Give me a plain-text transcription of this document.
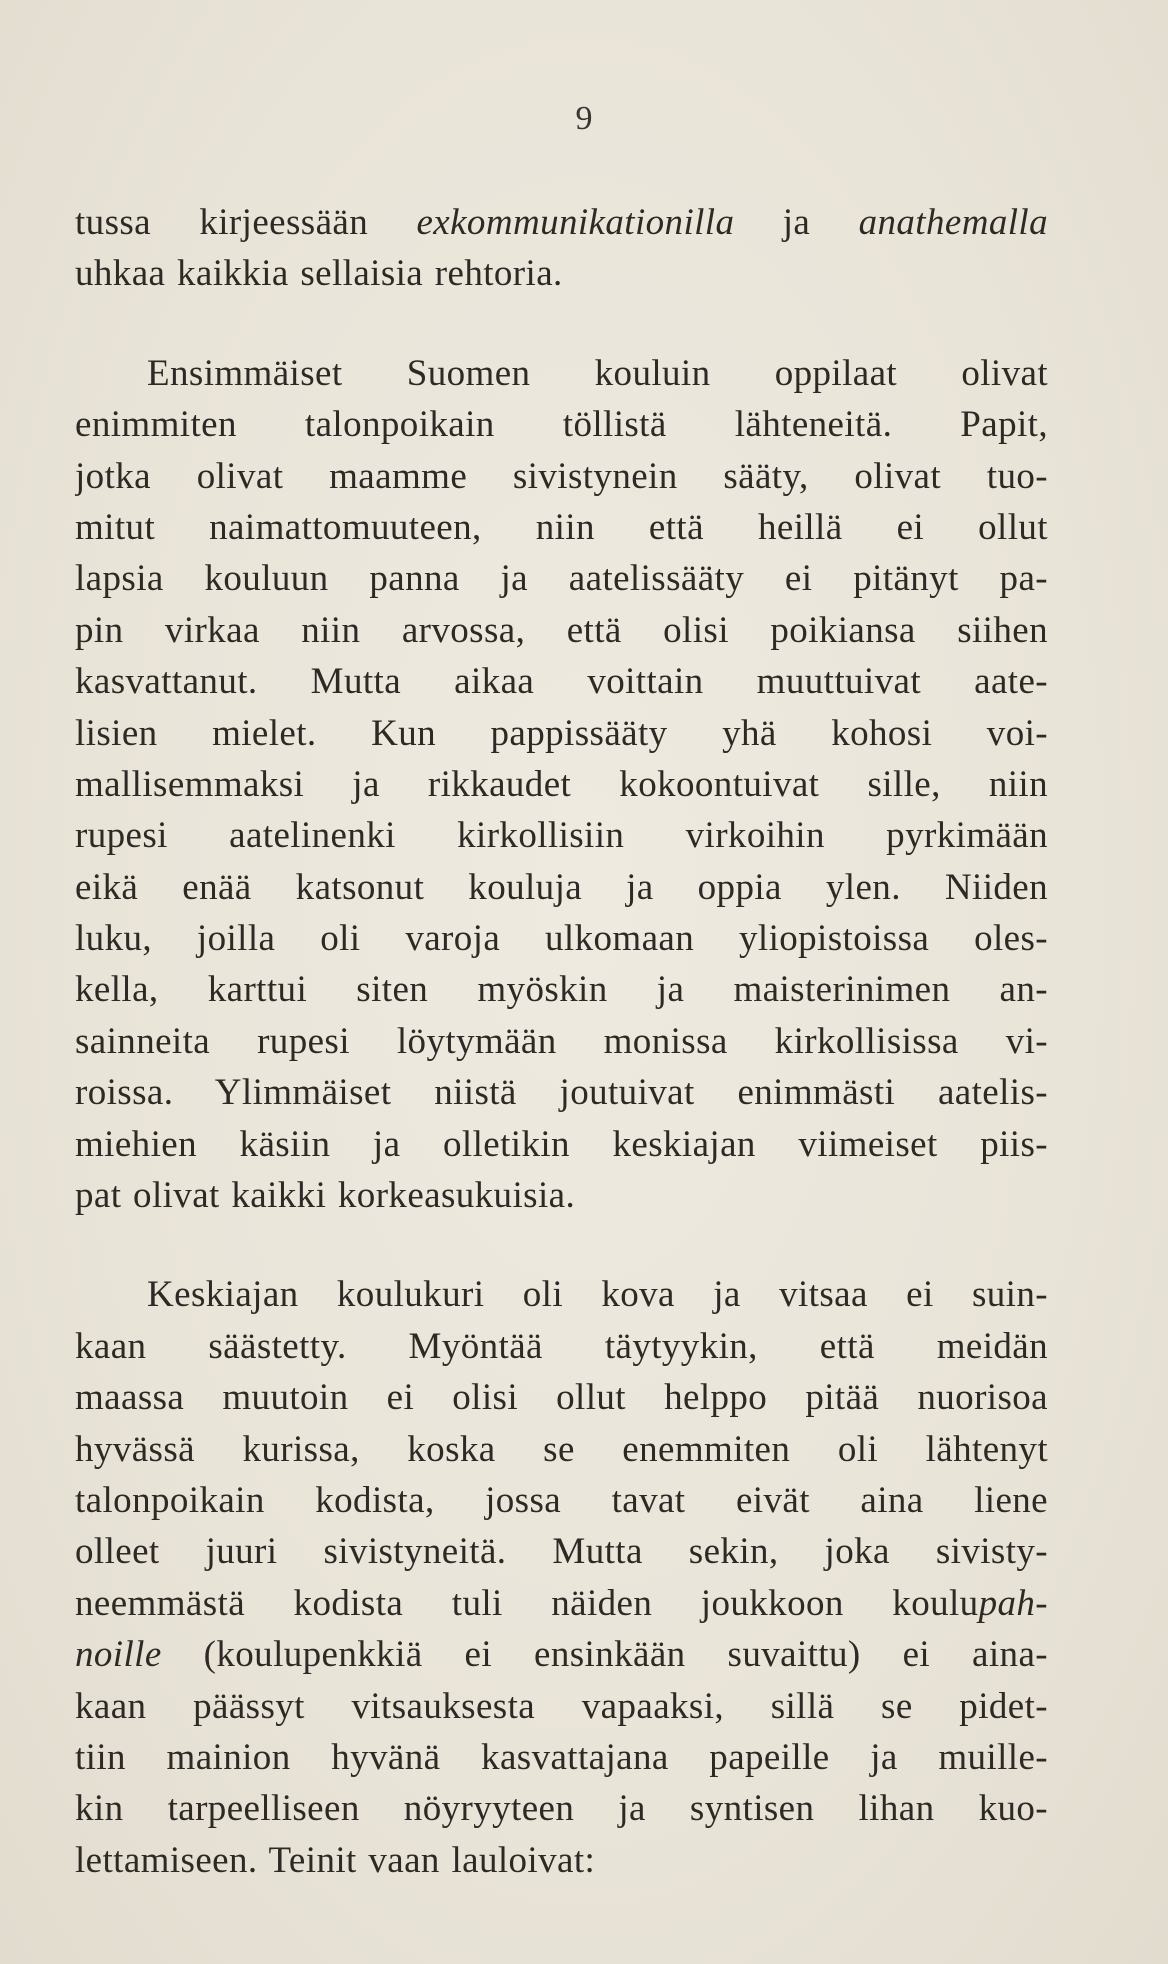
9
tussa kirjeessään exkommunikationilla ja anathemalla
uhkaa kaikkia sellaisia rehtoria.
Ensimmäiset Suomen kouluin oppilaat olivat
enimmiten talonpoikain töllistä lähteneitä. Papit,
jotka olivat maamme sivistynein sääty, olivat tuo-
mitut naimattomuuteen, niin että heillä ei ollut
lapsia kouluun panna ja aatelissääty ei pitänyt pa-
pin virkaa niin arvossa, että olisi poikiansa siihen
kasvattanut. Mutta aikaa voittain muuttuivat aate-
lisien mielet. Kun pappissääty yhä kohosi voi-
mallisemmaksi ja rikkaudet kokoontuivat sille, niin
rupesi aatelinenki kirkollisiin virkoihin pyrkimään
eikä enää katsonut kouluja ja oppia ylen. Niiden
luku, joilla oli varoja ulkomaan yliopistoissa oles-
kella, karttui siten myöskin ja maisterinimen an-
sainneita rupesi löytymään monissa kirkollisissa vi-
roissa. Ylimmäiset niistä joutuivat enimmästi aatelis-
miehien käsiin ja olletikin keskiajan viimeiset piis-
pat olivat kaikki korkeasukuisia.
Keskiajan koulukuri oli kova ja vitsaa ei suin-
kaan säästetty. Myöntää täytyykin, että meidän
maassa muutoin ei olisi ollut helppo pitää nuorisoa
hyvässä kurissa, koska se enemmiten oli lähtenyt
talonpoikain kodista, jossa tavat eivät aina liene
olleet juuri sivistyneitä. Mutta sekin, joka sivisty-
neemmästä kodista tuli näiden joukkoon koulupah-
noille (koulupenkkiä ei ensinkään suvaittu) ei aina-
kaan päässyt vitsauksesta vapaaksi, sillä se pidet-
tiin mainion hyvänä kasvattajana papeille ja muille-
kin tarpeelliseen nöyryyteen ja syntisen lihan kuo-
lettamiseen. Teinit vaan lauloivat:
